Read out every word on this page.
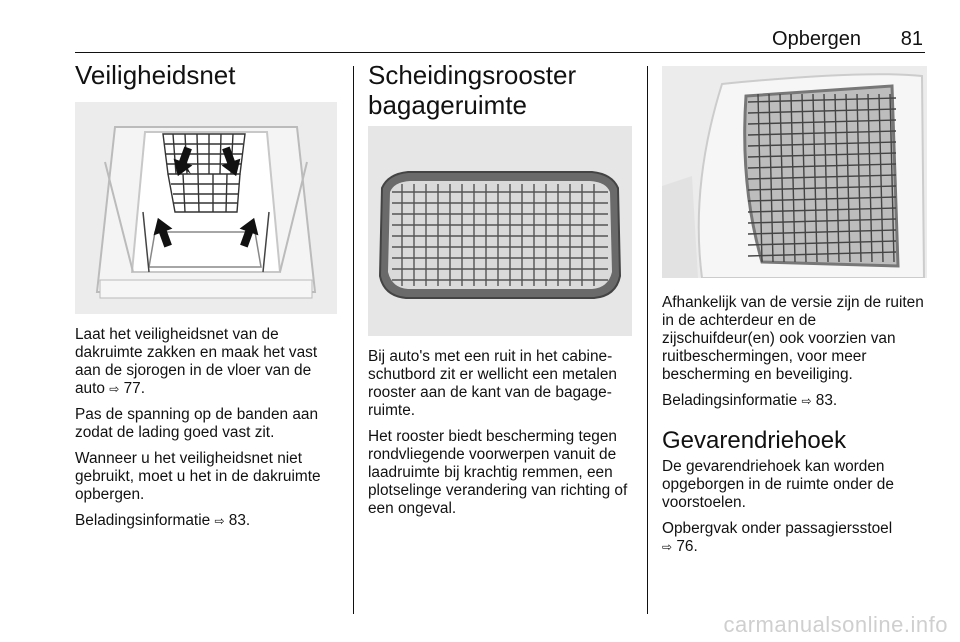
Opbergen 81
Veiligheidsnet

Laat het veiligheidsnet van de dakruimte zakken en maak het vast aan de sjorogen in de vloer van de auto ⇨ 77.

Pas de spanning op de banden aan zodat de lading goed vast zit.

Wanneer u het veiligheidsnet niet gebruikt, moet u het in de dakruimte opbergen.

Beladingsinformatie ⇨ 83.

Scheidingsrooster
bagageruimte

Bij auto's met een ruit in het cabine-schutbord zit er wellicht een metalen rooster aan de kant van de bagage-ruimte.

Het rooster biedt bescherming tegen rondvliegende voorwerpen vanuit de laadruimte bij krachtig remmen, een plotselinge verandering van richting of een ongeval.

Afhankelijk van de versie zijn de ruiten in de achterdeur en de zijschuifdeur(en) ook voorzien van ruitbeschermingen, voor meer bescherming en beveiliging.

Beladingsinformatie ⇨ 83.

Gevarendriehoek

De gevarendriehoek kan worden opgeborgen in de ruimte onder de voorstoelen.

Opbergvak onder passagiersstoel
⇨ 76.

carmanualsonline.info
